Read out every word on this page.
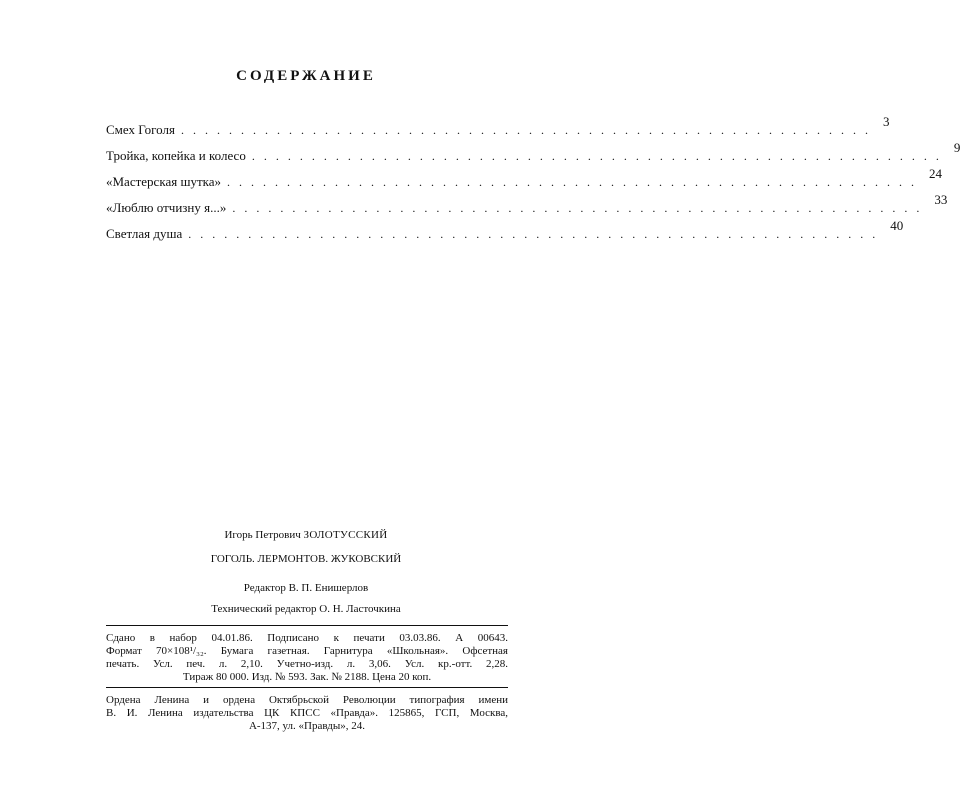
СОДЕРЖАНИЕ
Смех Гоголя ..........................................................
3
Тройка, копейка и колесо ..........................................................
9
«Мастерская шутка» ..........................................................
24
«Люблю отчизну я...» ..........................................................
33
Светлая душа ..........................................................
40
Игорь Петрович ЗОЛОТУССКИЙ
ГОГОЛЬ. ЛЕРМОНТОВ. ЖУКОВСКИЙ
Редактор В. П. Енишерлов
Технический редактор О. Н. Ласточкина
Сдано в набор 04.01.86. Подписано к печати 03.03.86. А 00643.
Формат 70×108¹/₃₂. Бумага газетная. Гарнитура «Школьная». Офсетная
печать. Усл. печ. л. 2,10. Учетно-изд. л. 3,06. Усл. кр.-отт. 2,28.
Тираж 80 000. Изд. № 593. Зак. № 2188. Цена 20 коп.
Ордена Ленина и ордена Октябрьской Революции типография имени
В. И. Ленина издательства ЦК КПСС «Правда». 125865, ГСП, Москва,
А-137, ул. «Правды», 24.
